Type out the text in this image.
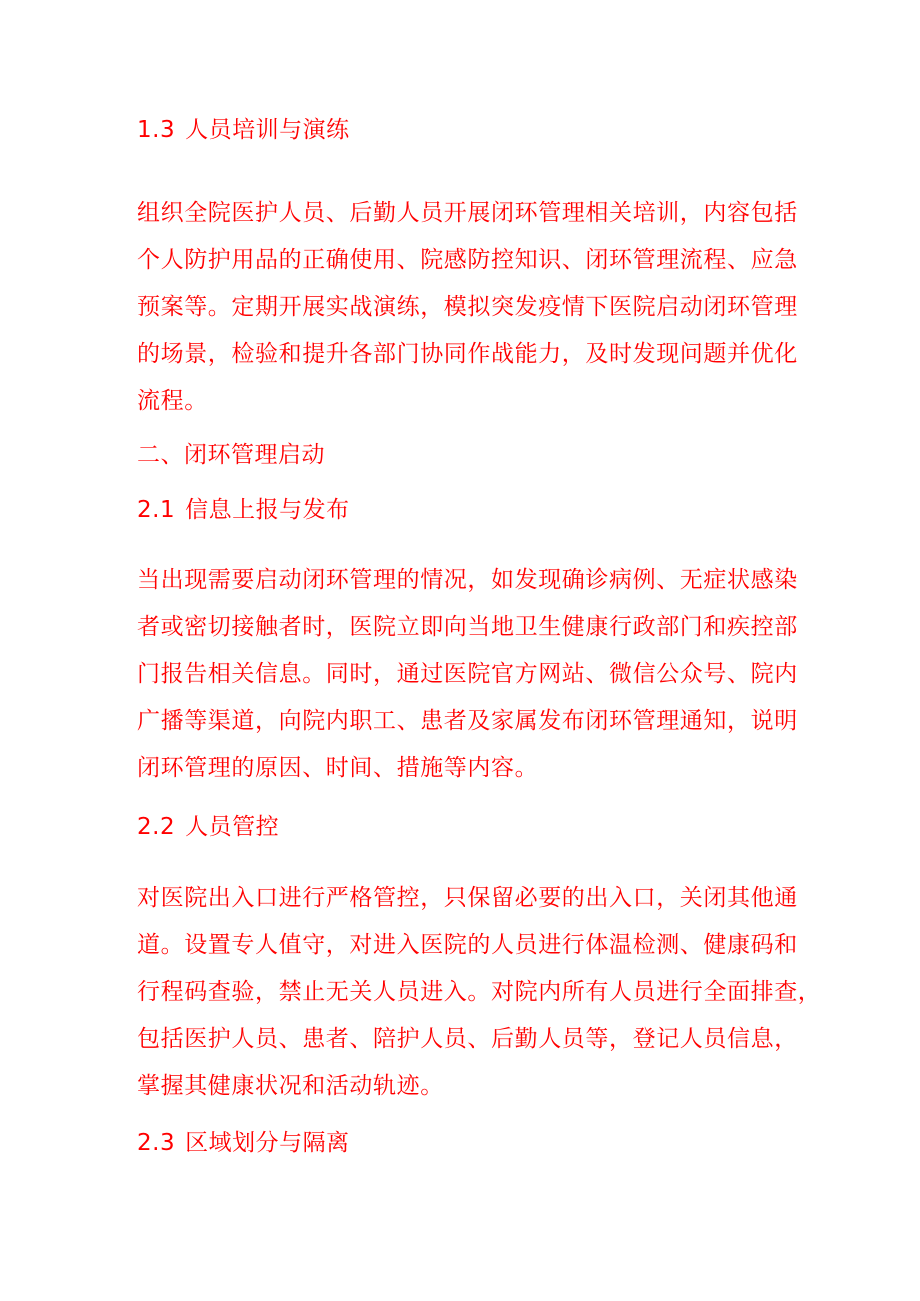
1.3 人员培训与演练
组织全院医护人员、后勤人员开展闭环管理相关培训，内容包括
个人防护用品的正确使用、院感防控知识、闭环管理流程、应急
预案等。定期开展实战演练，模拟突发疫情下医院启动闭环管理
的场景，检验和提升各部门协同作战能力，及时发现问题并优化
流程。
二、闭环管理启动
2.1 信息上报与发布
当出现需要启动闭环管理的情况，如发现确诊病例、无症状感染
者或密切接触者时，医院立即向当地卫生健康行政部门和疾控部
门报告相关信息。同时，通过医院官方网站、微信公众号、院内
广播等渠道，向院内职工、患者及家属发布闭环管理通知，说明
闭环管理的原因、时间、措施等内容。
2.2 人员管控
对医院出入口进行严格管控，只保留必要的出入口，关闭其他通
道。设置专人值守，对进入医院的人员进行体温检测、健康码和
行程码查验，禁止无关人员进入。对院内所有人员进行全面排查，
包括医护人员、患者、陪护人员、后勤人员等，登记人员信息，
掌握其健康状况和活动轨迹。
2.3 区域划分与隔离
